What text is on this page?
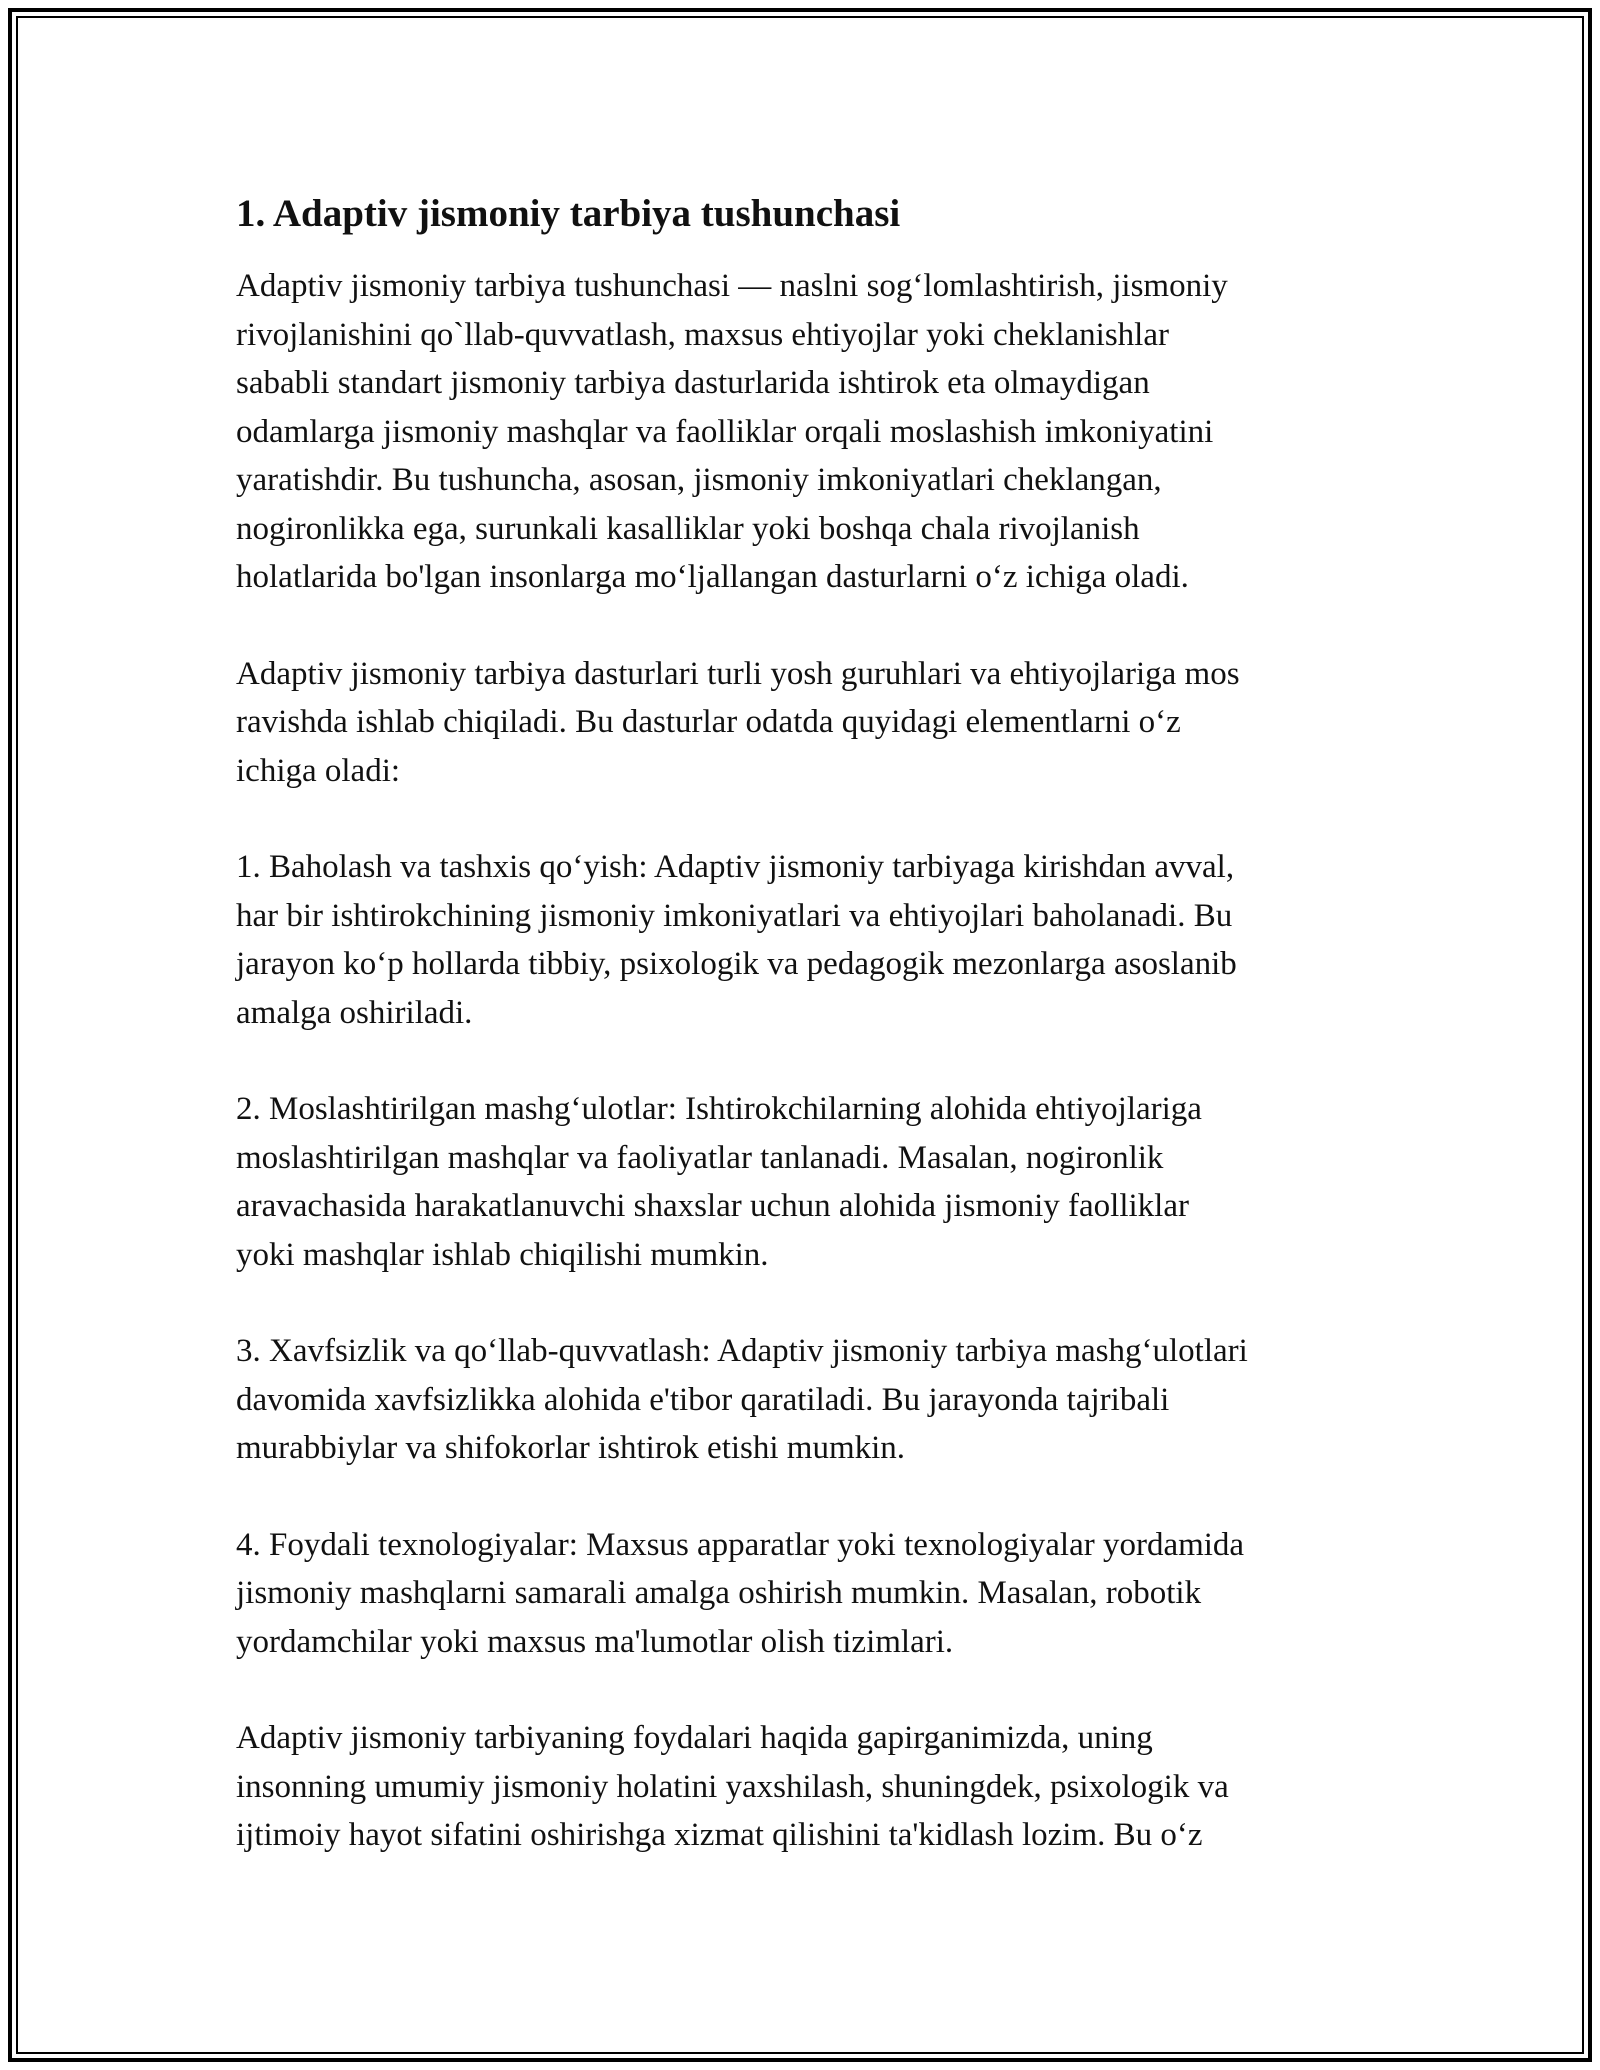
1. Adaptiv jismoniy tarbiya tushunchasi

Adaptiv jismoniy tarbiya tushunchasi — naslni sog‘lomlashtirish, jismoniy
rivojlanishini qo`llab-quvvatlash, maxsus ehtiyojlar yoki cheklanishlar
sababli standart jismoniy tarbiya dasturlarida ishtirok eta olmaydigan
odamlarga jismoniy mashqlar va faolliklar orqali moslashish imkoniyatini
yaratishdir. Bu tushuncha, asosan, jismoniy imkoniyatlari cheklangan,
nogironlikka ega, surunkali kasalliklar yoki boshqa chala rivojlanish
holatlarida bo'lgan insonlarga mo‘ljallangan dasturlarni o‘z ichiga oladi.

Adaptiv jismoniy tarbiya dasturlari turli yosh guruhlari va ehtiyojlariga mos
ravishda ishlab chiqiladi. Bu dasturlar odatda quyidagi elementlarni o‘z
ichiga oladi:

1. Baholash va tashxis qo‘yish: Adaptiv jismoniy tarbiyaga kirishdan avval,
har bir ishtirokchining jismoniy imkoniyatlari va ehtiyojlari baholanadi. Bu
jarayon ko‘p hollarda tibbiy, psixologik va pedagogik mezonlarga asoslanib
amalga oshiriladi.

2. Moslashtirilgan mashg‘ulotlar: Ishtirokchilarning alohida ehtiyojlariga
moslashtirilgan mashqlar va faoliyatlar tanlanadi. Masalan, nogironlik
aravachasida harakatlanuvchi shaxslar uchun alohida jismoniy faolliklar
yoki mashqlar ishlab chiqilishi mumkin.

3. Xavfsizlik va qo‘llab-quvvatlash: Adaptiv jismoniy tarbiya mashg‘ulotlari
davomida xavfsizlikka alohida e'tibor qaratiladi. Bu jarayonda tajribali
murabbiylar va shifokorlar ishtirok etishi mumkin.

4. Foydali texnologiyalar: Maxsus apparatlar yoki texnologiyalar yordamida
jismoniy mashqlarni samarali amalga oshirish mumkin. Masalan, robotik
yordamchilar yoki maxsus ma'lumotlar olish tizimlari.

Adaptiv jismoniy tarbiyaning foydalari haqida gapirganimizda, uning
insonning umumiy jismoniy holatini yaxshilash, shuningdek, psixologik va
ijtimoiy hayot sifatini oshirishga xizmat qilishini ta'kidlash lozim. Bu o‘z
